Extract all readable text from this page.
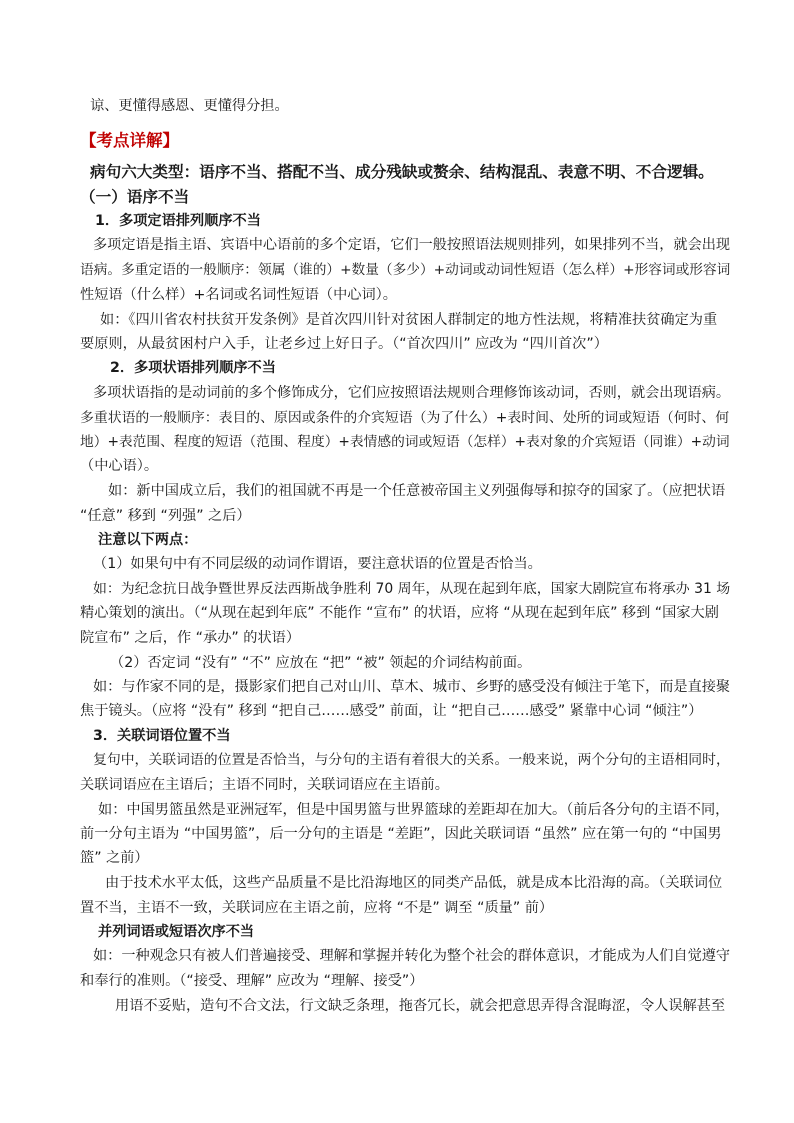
谅、更懂得感恩、更懂得分担。
【考点详解】
病句六大类型：语序不当、搭配不当、成分残缺或赘余、结构混乱、表意不明、不合逻辑。
（一）语序不当
1．多项定语排列顺序不当
多项定语是指主语、宾语中心语前的多个定语，它们一般按照语法规则排列，如果排列不当，就会出现
语病。多重定语的一般顺序：领属（谁的）+数量（多少）+动词或动词性短语（怎么样）+形容词或形容词
性短语（什么样）+名词或名词性短语（中心词）。
如：《四川省农村扶贫开发条例》是首次四川针对贫困人群制定的地方性法规，将精准扶贫确定为重
要原则，从最贫困村户入手，让老乡过上好日子。（“首次四川” 应改为 “四川首次”）
2．多项状语排列顺序不当
多项状语指的是动词前的多个修饰成分，它们应按照语法规则合理修饰该动词，否则，就会出现语病。
多重状语的一般顺序：表目的、原因或条件的介宾短语（为了什么）+表时间、处所的词或短语（何时、何
地）+表范围、程度的短语（范围、程度）+表情感的词或短语（怎样）+表对象的介宾短语（同谁）+动词
（中心语）。
如：新中国成立后，我们的祖国就不再是一个任意被帝国主义列强侮辱和掠夺的国家了。（应把状语
“任意” 移到 “列强” 之后）
注意以下两点：
（1）如果句中有不同层级的动词作谓语，要注意状语的位置是否恰当。
如：为纪念抗日战争暨世界反法西斯战争胜利 70 周年，从现在起到年底，国家大剧院宣布将承办 31 场
精心策划的演出。（“从现在起到年底” 不能作 “宣布” 的状语，应将 “从现在起到年底” 移到 “国家大剧
院宣布” 之后，作 “承办” 的状语）
（2）否定词 “没有” “不” 应放在 “把” “被” 领起的介词结构前面。
如：与作家不同的是，摄影家们把自己对山川、草木、城市、乡野的感受没有倾注于笔下，而是直接聚
焦于镜头。（应将 “没有” 移到 “把自己……感受” 前面，让 “把自己……感受” 紧靠中心词 “倾注”）
3．关联词语位置不当
复句中，关联词语的位置是否恰当，与分句的主语有着很大的关系。一般来说，两个分句的主语相同时，
关联词语应在主语后；主语不同时，关联词语应在主语前。
如：中国男篮虽然是亚洲冠军，但是中国男篮与世界篮球的差距却在加大。（前后各分句的主语不同，
前一分句主语为 “中国男篮”，后一分句的主语是 “差距”，因此关联词语 “虽然” 应在第一句的 “中国男
篮” 之前）
由于技术水平太低，这些产品质量不是比沿海地区的同类产品低，就是成本比沿海的高。（关联词位
置不当，主语不一致，关联词应在主语之前，应将 “不是” 调至 “质量” 前）
并列词语或短语次序不当
如：一种观念只有被人们普遍接受、理解和掌握并转化为整个社会的群体意识，才能成为人们自觉遵守
和奉行的准则。（“接受、理解” 应改为 “理解、接受”）
用语不妥贴，造句不合文法，行文缺乏条理，拖沓冗长，就会把意思弄得含混晦涩，令人误解甚至
